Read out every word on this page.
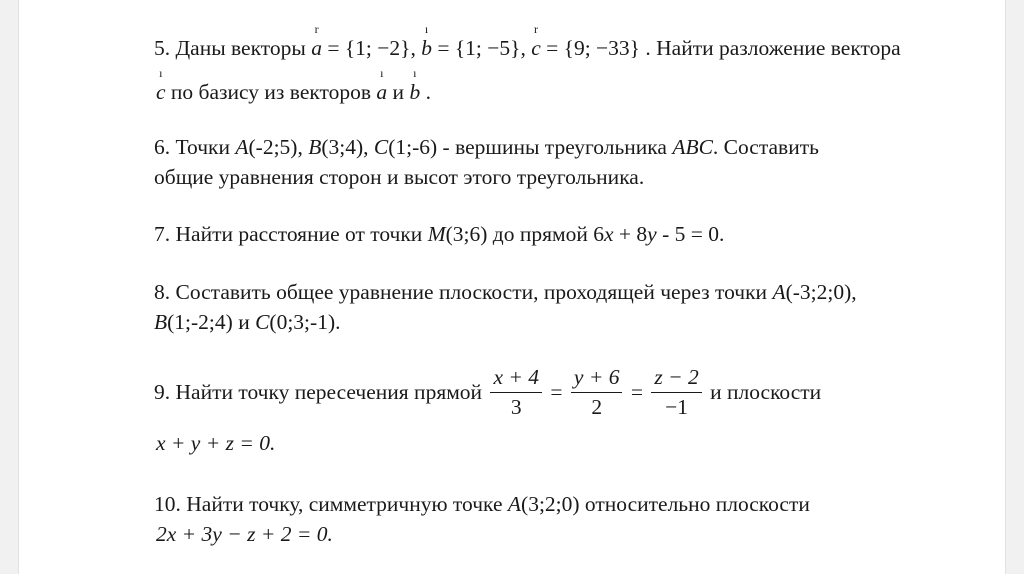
5. Даны векторы
r
a = {1; −2},
ı
b = {1; −5},
r
c = {9; −33} . Найти разложение вектора
ı
c по базису из векторов
ı
a и
ı
b .
6. Точки A(-2;5), B(3;4), C(1;-6) - вершины треугольника ABC. Составить
общие уравнения сторон и высот этого треугольника.
7. Найти расстояние от точки M(3;6) до прямой 6x + 8y - 5 = 0.
8. Составить общее уравнение плоскости, проходящей через точки A(-3;2;0),
B(1;-2;4) и C(0;3;-1).
9. Найти точку пересечения прямой $\frac{x + 4}{3} = \frac{y + 6}{2} = \frac{z - 2}{-1}$ и плоскости
x + y + z = 0.
10. Найти точку, симметричную точке A(3;2;0) относительно плоскости
2x + 3y − z + 2 = 0.
